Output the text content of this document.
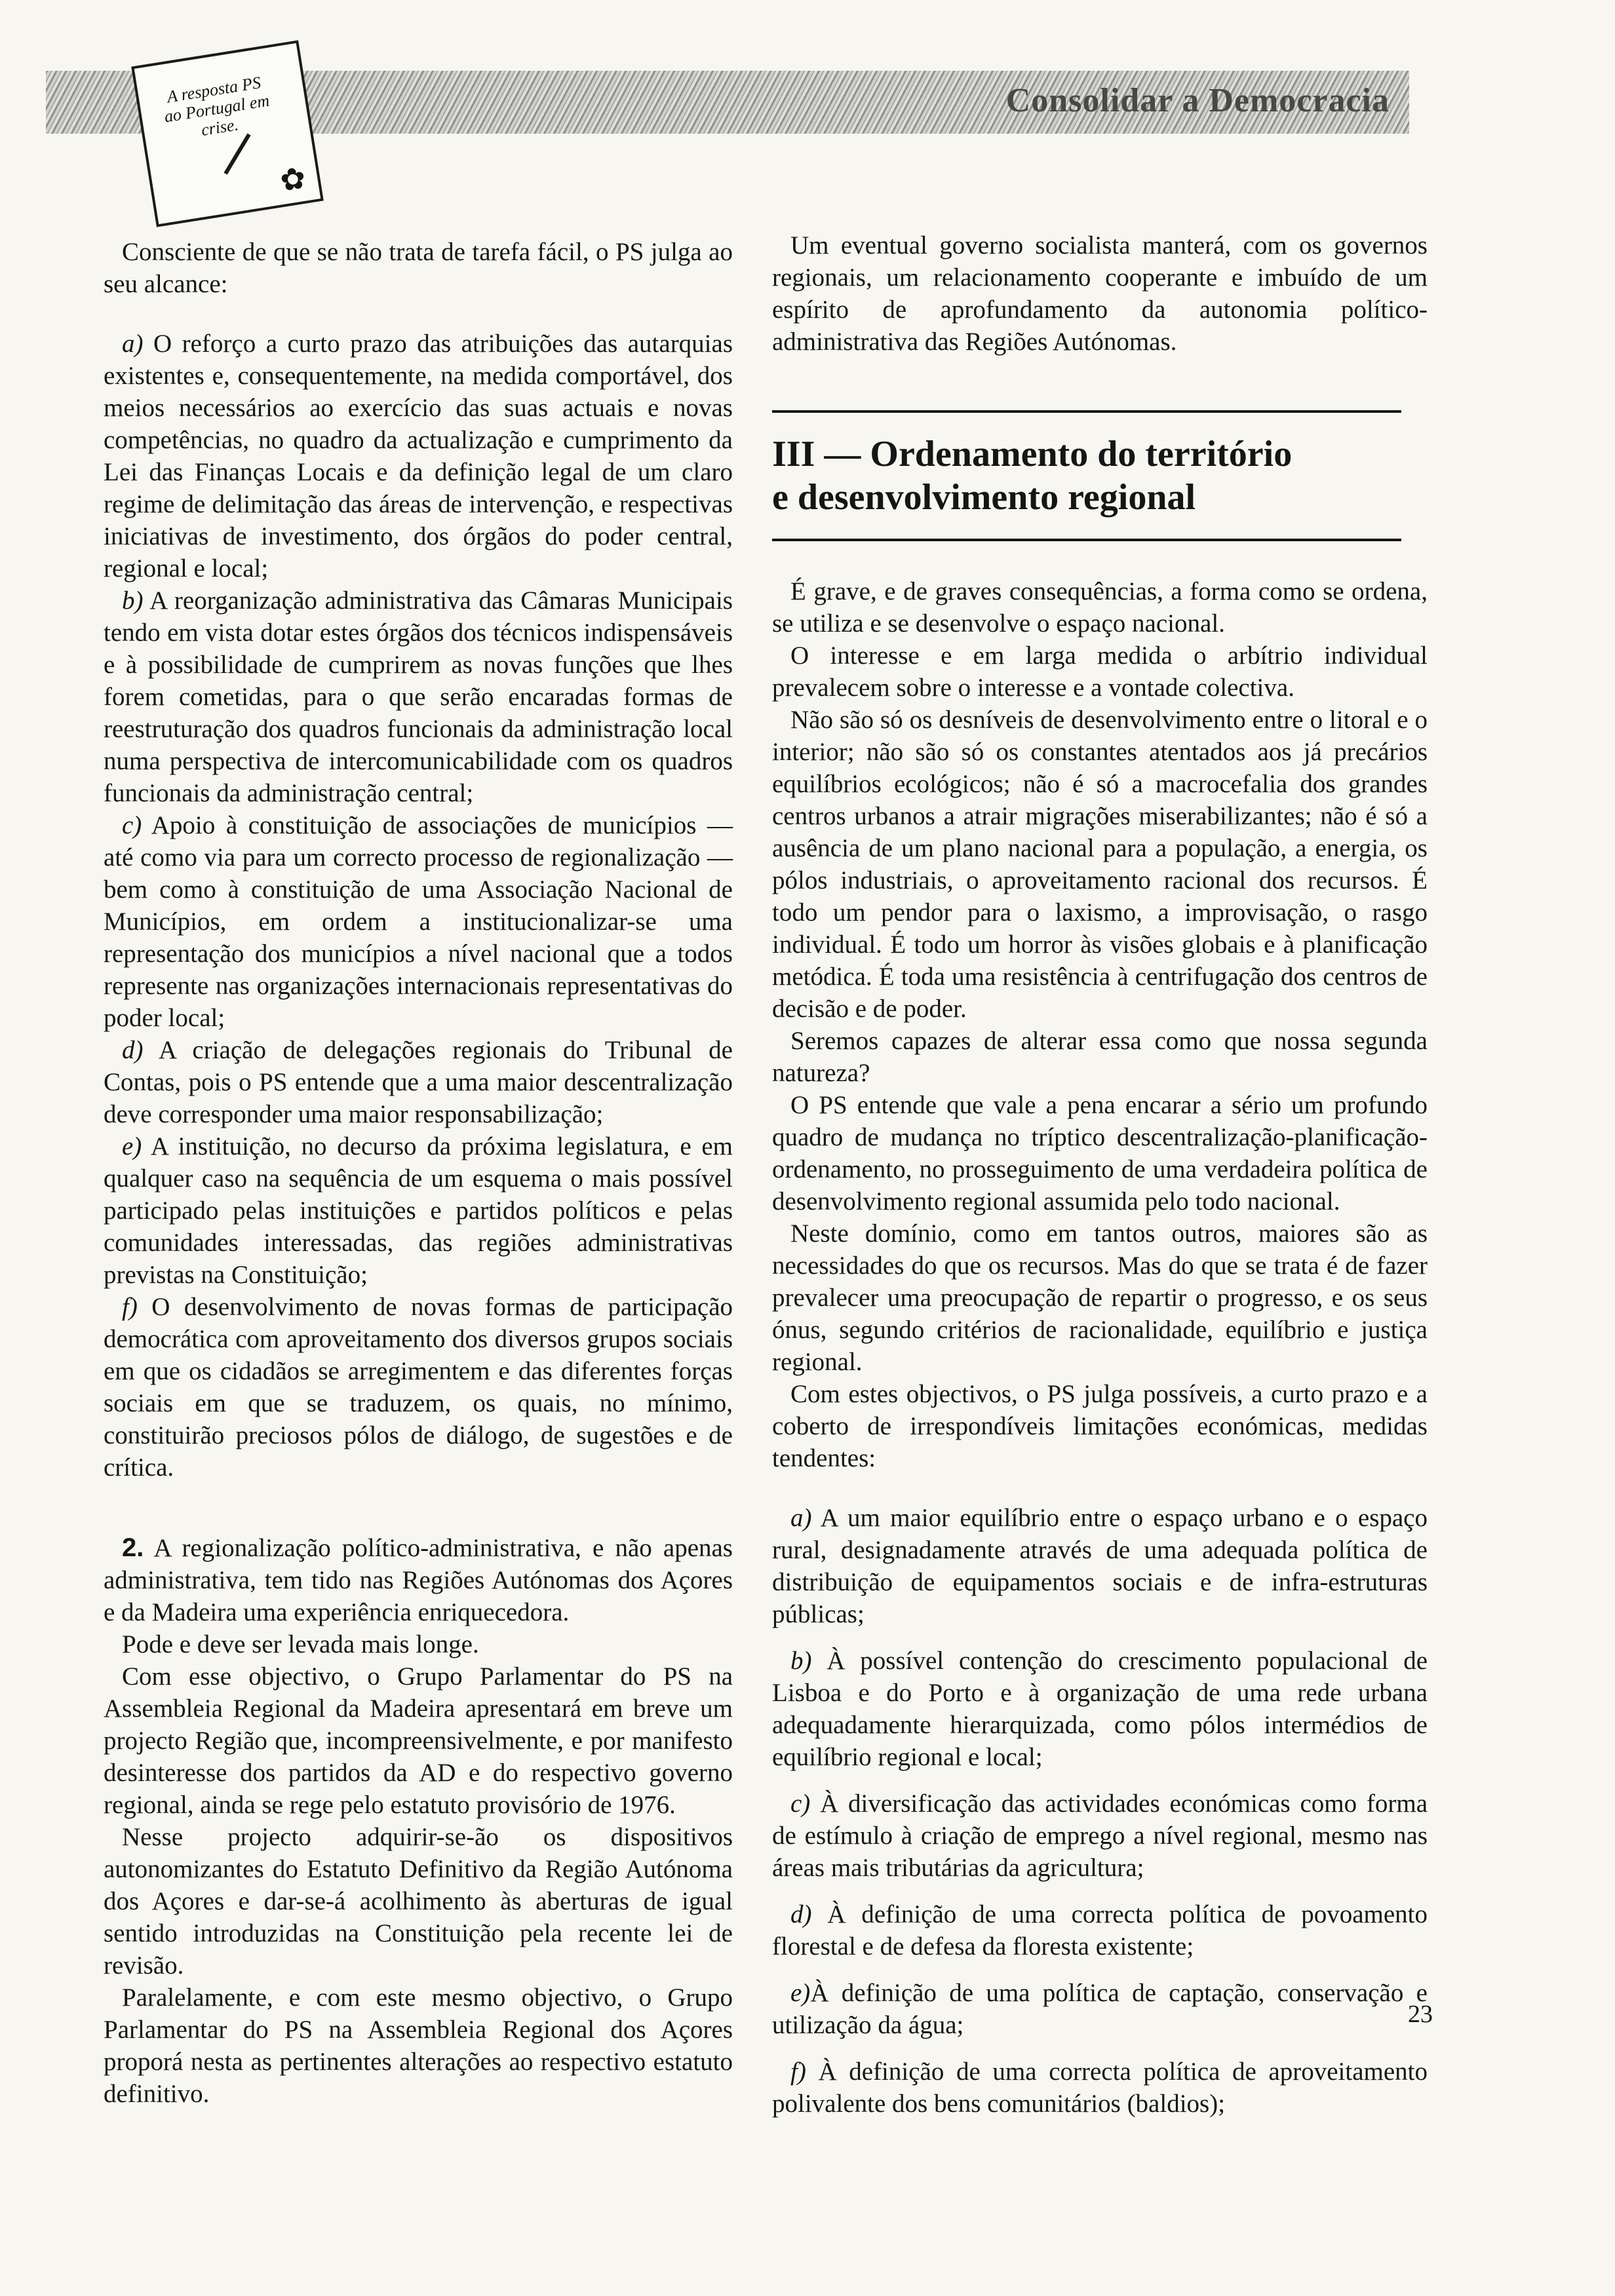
Consolidar a Democracia
A resposta PS ao Portugal em crise.
✿

Consciente de que se não trata de tarefa fácil, o PS julga ao seu alcance:

a) O reforço a curto prazo das atribuições das autarquias existentes e, consequentemente, na medida comportável, dos meios necessários ao exercício das suas actuais e novas competências, no quadro da actualização e cumprimento da Lei das Finanças Locais e da definição legal de um claro regime de delimitação das áreas de intervenção, e respectivas iniciativas de investimento, dos órgãos do poder central, regional e local;

b) A reorganização administrativa das Câmaras Municipais tendo em vista dotar estes órgãos dos técnicos indispensáveis e à possibilidade de cumprirem as novas funções que lhes forem cometidas, para o que serão encaradas formas de reestruturação dos quadros funcionais da administração local numa perspectiva de intercomunicabilidade com os quadros funcionais da administração central;

c) Apoio à constituição de associações de municípios — até como via para um correcto processo de regionalização — bem como à constituição de uma Associação Nacional de Municípios, em ordem a institucionalizar-se uma representação dos municípios a nível nacional que a todos represente nas organizações internacionais representativas do poder local;

d) A criação de delegações regionais do Tribunal de Contas, pois o PS entende que a uma maior descentralização deve corresponder uma maior responsabilização;

e) A instituição, no decurso da próxima legislatura, e em qualquer caso na sequência de um esquema o mais possível participado pelas instituições e partidos políticos e pelas comunidades interessadas, das regiões administrativas previstas na Constituição;

f) O desenvolvimento de novas formas de participação democrática com aproveitamento dos diversos grupos sociais em que os cidadãos se arregimentem e das diferentes forças sociais em que se traduzem, os quais, no mínimo, constituirão preciosos pólos de diálogo, de sugestões e de crítica.

2. A regionalização político-administrativa, e não apenas administrativa, tem tido nas Regiões Autónomas dos Açores e da Madeira uma experiência enriquecedora.

Pode e deve ser levada mais longe.

Com esse objectivo, o Grupo Parlamentar do PS na Assembleia Regional da Madeira apresentará em breve um projecto Região que, incompreensivelmente, e por manifesto desinteresse dos partidos da AD e do respectivo governo regional, ainda se rege pelo estatuto provisório de 1976.

Nesse projecto adquirir-se-ão os dispositivos autonomizantes do Estatuto Definitivo da Região Autónoma dos Açores e dar-se-á acolhimento às aberturas de igual sentido introduzidas na Constituição pela recente lei de revisão.

Paralelamente, e com este mesmo objectivo, o Grupo Parlamentar do PS na Assembleia Regional dos Açores proporá nesta as pertinentes alterações ao respectivo estatuto definitivo.

Um eventual governo socialista manterá, com os governos regionais, um relacionamento cooperante e imbuído de um espírito de aprofundamento da autonomia político-administrativa das Regiões Autónomas.

III — Ordenamento do território
e desenvolvimento regional

É grave, e de graves consequências, a forma como se ordena, se utiliza e se desenvolve o espaço nacional.

O interesse e em larga medida o arbítrio individual prevalecem sobre o interesse e a vontade colectiva.

Não são só os desníveis de desenvolvimento entre o litoral e o interior; não são só os constantes atentados aos já precários equilíbrios ecológicos; não é só a macrocefalia dos grandes centros urbanos a atrair migrações miserabilizantes; não é só a ausência de um plano nacional para a população, a energia, os pólos industriais, o aproveitamento racional dos recursos. É todo um pendor para o laxismo, a improvisação, o rasgo individual. É todo um horror às visões globais e à planificação metódica. É toda uma resistência à centrifugação dos centros de decisão e de poder.

Seremos capazes de alterar essa como que nossa segunda natureza?

O PS entende que vale a pena encarar a sério um profundo quadro de mudança no tríptico descentralização-planificação-ordenamento, no prosseguimento de uma verdadeira política de desenvolvimento regional assumida pelo todo nacional.

Neste domínio, como em tantos outros, maiores são as necessidades do que os recursos. Mas do que se trata é de fazer prevalecer uma preocupação de repartir o progresso, e os seus ónus, segundo critérios de racionalidade, equilíbrio e justiça regional.

Com estes objectivos, o PS julga possíveis, a curto prazo e a coberto de irrespondíveis limitações económicas, medidas tendentes:

a) A um maior equilíbrio entre o espaço urbano e o espaço rural, designadamente através de uma adequada política de distribuição de equipamentos sociais e de infra-estruturas públicas;

b) À possível contenção do crescimento populacional de Lisboa e do Porto e à organização de uma rede urbana adequadamente hierarquizada, como pólos intermédios de equilíbrio regional e local;

c) À diversificação das actividades económicas como forma de estímulo à criação de emprego a nível regional, mesmo nas áreas mais tributárias da agricultura;

d) À definição de uma correcta política de povoamento florestal e de defesa da floresta existente;

e)À definição de uma política de captação, conservação e utilização da água;

f) À definição de uma correcta política de aproveitamento polivalente dos bens comunitários (baldios);

23
